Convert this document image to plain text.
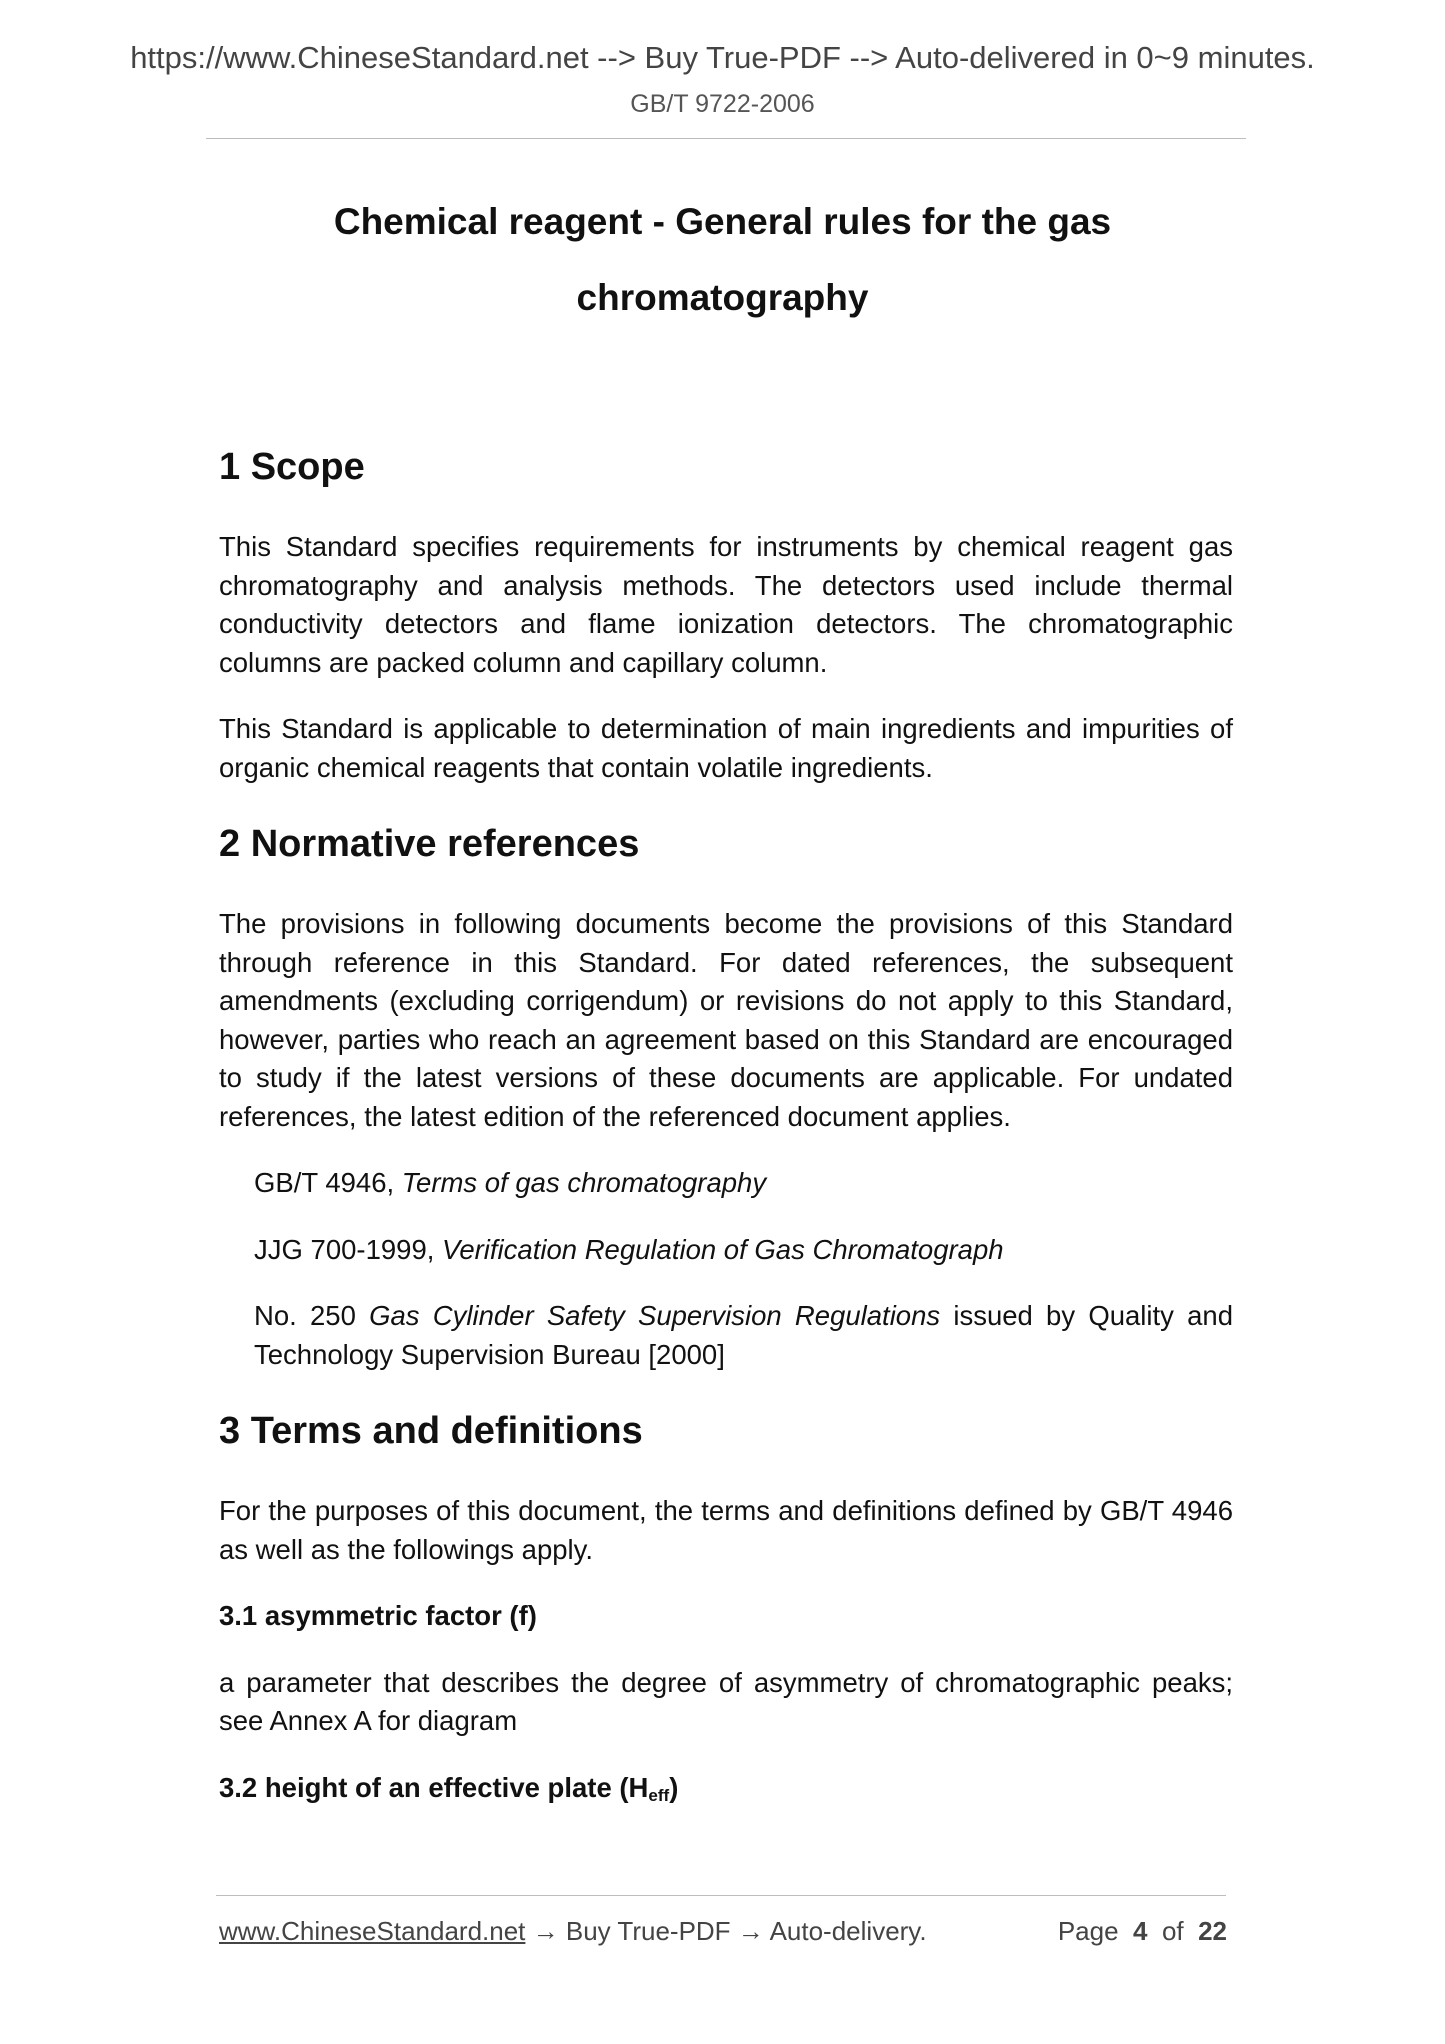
https://www.ChineseStandard.net --> Buy True-PDF --> Auto-delivered in 0~9 minutes.
GB/T 9722-2006
Chemical reagent - General rules for the gas
chromatography
1 Scope

This Standard specifies requirements for instruments by chemical reagent gas chromatography and analysis methods. The detectors used include thermal conductivity detectors and flame ionization detectors. The chromatographic columns are packed column and capillary column.

This Standard is applicable to determination of main ingredients and impurities of organic chemical reagents that contain volatile ingredients.

2 Normative references

The provisions in following documents become the provisions of this Standard through reference in this Standard. For dated references, the subsequent amendments (excluding corrigendum) or revisions do not apply to this Standard, however, parties who reach an agreement based on this Standard are encouraged to study if the latest versions of these documents are applicable. For undated references, the latest edition of the referenced document applies.

GB/T 4946, Terms of gas chromatography

JJG 700-1999, Verification Regulation of Gas Chromatograph

No. 250 Gas Cylinder Safety Supervision Regulations issued by Quality and Technology Supervision Bureau [2000]

3 Terms and definitions

For the purposes of this document, the terms and definitions defined by GB/T 4946 as well as the followings apply.

3.1 asymmetric factor (f)

a parameter that describes the degree of asymmetry of chromatographic peaks; see Annex A for diagram

3.2 height of an effective plate $(H_{eff})$
www.ChineseStandard.net → Buy True-PDF → Auto-delivery.	Page 4 of 22
